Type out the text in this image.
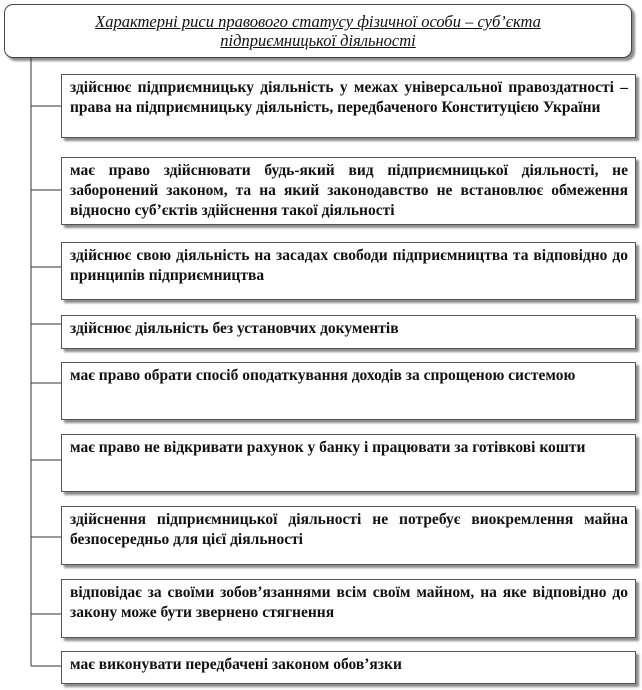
Характерні риси правового статусу фізичної особи – суб’єкта підприємницької діяльності
здійснює підприємницьку діяльність у межах універсальної правоздатності – права на підприємницьку діяльність, передбаченого Конституцією України
має право здійснювати будь-який вид підприємницької діяльності, не заборонений законом, та на який законодавство не встановлює обмеження відносно суб’єктів здійснення такої діяльності
здійснює свою діяльність на засадах свободи підприємництва та відповідно до принципів підприємництва
здійснює діяльність без установчих документів
має право обрати спосіб оподаткування доходів за спрощеною системою
має право не відкривати рахунок у банку і працювати за готівкові кошти
здійснення підприємницької діяльності не потребує виокремлення майна безпосередньо для цієї діяльності
відповідає за своїми зобов’язаннями всім своїм майном, на яке відповідно до закону може бути звернено стягнення
має виконувати передбачені законом обов’язки
